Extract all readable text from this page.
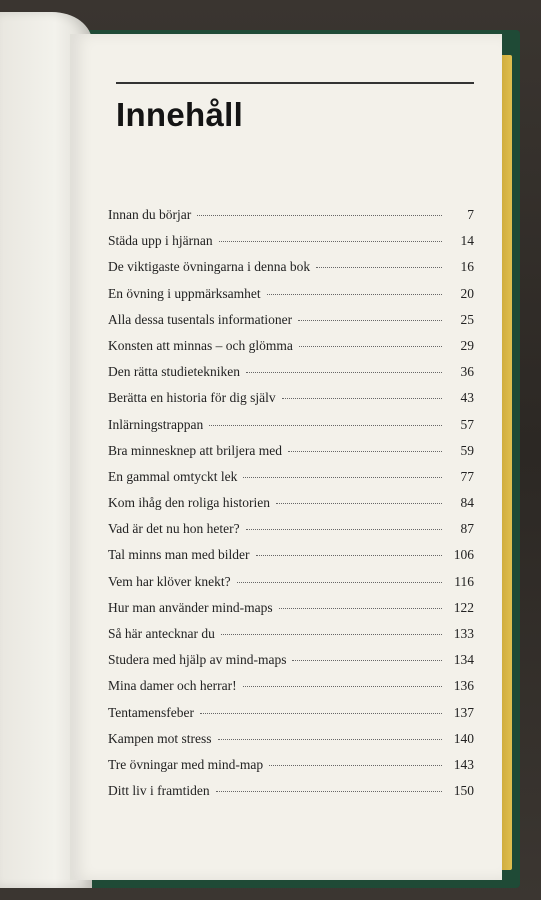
Innehåll
Innan du börjar	7
Städa upp i hjärnan	14
De viktigaste övningarna i denna bok	16
En övning i uppmärksamhet	20
Alla dessa tusentals informationer	25
Konsten att minnas – och glömma	29
Den rätta studietekniken	36
Berätta en historia för dig själv	43
Inlärningstrappan	57
Bra minnesknep att briljera med	59
En gammal omtyckt lek	77
Kom ihåg den roliga historien	84
Vad är det nu hon heter?	87
Tal minns man med bilder	106
Vem har klöver knekt?	116
Hur man använder mind-maps	122
Så här antecknar du	133
Studera med hjälp av mind-maps	134
Mina damer och herrar!	136
Tentamensfeber	137
Kampen mot stress	140
Tre övningar med mind-map	143
Ditt liv i framtiden	150
